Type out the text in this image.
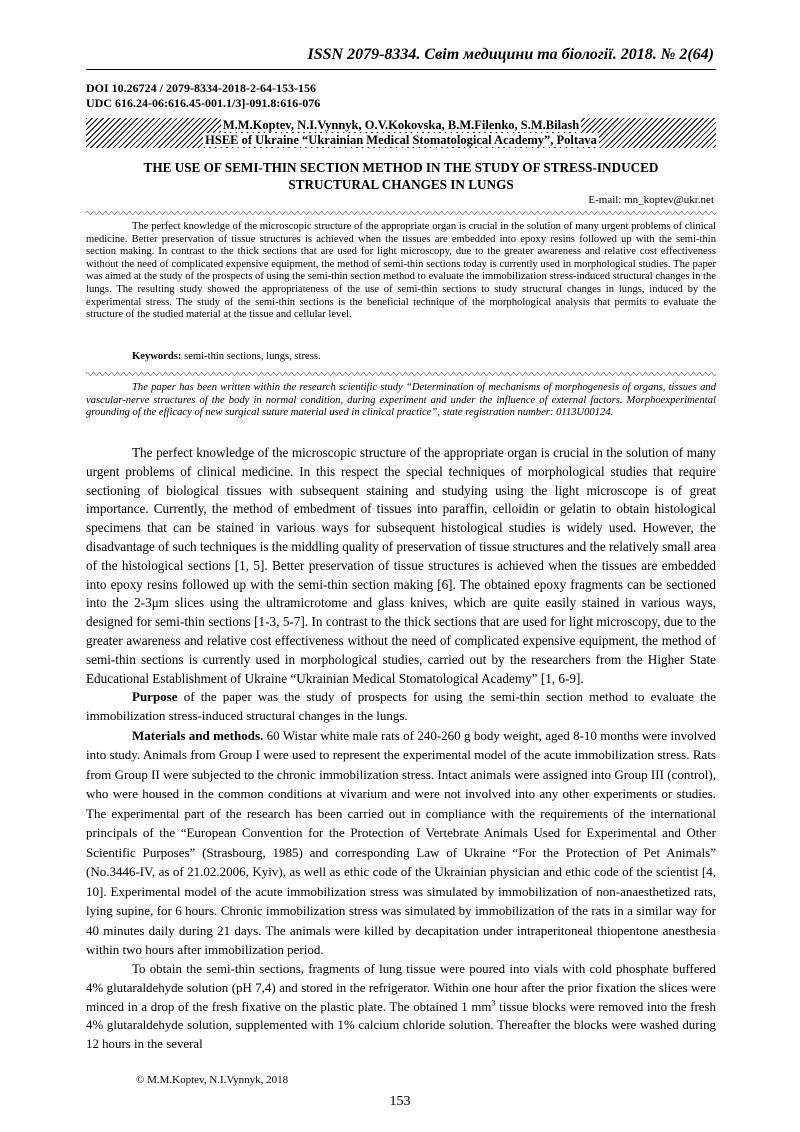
ISSN 2079-8334. Світ медицини та біології. 2018. № 2(64)
DOI 10.26724 / 2079-8334-2018-2-64-153-156
UDC 616.24-06:616.45-001.1/3]-091.8:616-076
M.M.Koptev, N.I.Vynnyk, O.V.Kokovska, B.M.Filenko, S.M.Bilash
HSEE of Ukraine “Ukrainian Medical Stomatological Academy”, Poltava
THE USE OF SEMI-THIN SECTION METHOD IN THE STUDY OF STRESS-INDUCED
STRUCTURAL CHANGES IN LUNGS
E-mail: mn_koptev@ukr.net

The perfect knowledge of the microscopic structure of the appropriate organ is crucial in the solution of many urgent problems of clinical medicine. Better preservation of tissue structures is achieved when the tissues are embedded into epoxy resins followed up with the semi-thin section making. In contrast to the thick sections that are used for light microscopy, due to the greater awareness and relative cost effectiveness without the need of complicated expensive equipment, the method of semi-thin sections today is currently used in morphological studies. The paper was aimed at the study of the prospects of using the semi-thin section method to evaluate the immobilization stress-induced structural changes in the lungs. The resulting study showed the appropriateness of the use of semi-thin sections to study structural changes in lungs, induced by the experimental stress. The study of the semi-thin sections is the beneficial technique of the morphological analysis that permits to evaluate the structure of the studied material at the tissue and cellular level.

Keywords: semi-thin sections, lungs, stress.

The paper has been written within the research scientific study “Determination of mechanisms of morphogenesis of organs, tissues and vascular-nerve structures of the body in normal condition, during experiment and under the influence of external factors. Morphoexperimental grounding of the efficacy of new surgical suture material used in clinical practice”, state registration number: 0113U00124.

The perfect knowledge of the microscopic structure of the appropriate organ is crucial in the solution of many urgent problems of clinical medicine. In this respect the special techniques of morphological studies that require sectioning of biological tissues with subsequent staining and studying using the light microscope is of great importance. Currently, the method of embedment of tissues into paraffin, celloidin or gelatin to obtain histological specimens that can be stained in various ways for subsequent histological studies is widely used. However, the disadvantage of such techniques is the middling quality of preservation of tissue structures and the relatively small area of the histological sections [1, 5]. Better preservation of tissue structures is achieved when the tissues are embedded into epoxy resins followed up with the semi-thin section making [6]. The obtained epoxy fragments can be sectioned into the 2-3μm slices using the ultramicrotome and glass knives, which are quite easily stained in various ways, designed for semi-thin sections [1-3, 5-7]. In contrast to the thick sections that are used for light microscopy, due to the greater awareness and relative cost effectiveness without the need of complicated expensive equipment, the method of semi-thin sections is currently used in morphological studies, carried out by the researchers from the Higher State Educational Establishment of Ukraine “Ukrainian Medical Stomatological Academy” [1, 6-9].

Purpose of the paper was the study of prospects for using the semi-thin section method to evaluate the immobilization stress-induced structural changes in the lungs.

Materials and methods. 60 Wistar white male rats of 240-260 g body weight, aged 8-10 months were involved into study. Animals from Group I were used to represent the experimental model of the acute immobilization stress. Rats from Group II were subjected to the chronic immobilization stress. Intact animals were assigned into Group III (control), who were housed in the common conditions at vivarium and were not involved into any other experiments or studies. The experimental part of the research has been carried out in compliance with the requirements of the international principals of the “European Convention for the Protection of Vertebrate Animals Used for Experimental and Other Scientific Purposes” (Strasbourg, 1985) and corresponding Law of Ukraine “For the Protection of Pet Animals” (No.3446-IV, as of 21.02.2006, Kyiv), as well as ethic code of the Ukrainian physician and ethic code of the scientist [4, 10]. Experimental model of the acute immobilization stress was simulated by immobilization of non-anaesthetized rats, lying supine, for 6 hours. Chronic immobilization stress was simulated by immobilization of the rats in a similar way for 40 minutes daily during 21 days. The animals were killed by decapitation under intraperitoneal thiopentone anesthesia within two hours after immobilization period.

To obtain the semi-thin sections, fragments of lung tissue were poured into vials with cold phosphate buffered 4% glutaraldehyde solution (pH 7,4) and stored in the refrigerator. Within one hour after the prior fixation the slices were minced in a drop of the fresh fixative on the plastic plate. The obtained 1 $mm^3$ tissue blocks were removed into the fresh 4% glutaraldehyde solution, supplemented with 1% calcium chloride solution. Thereafter the blocks were washed during 12 hours in the several

© M.M.Koptev, N.I.Vynnyk, 2018
153
